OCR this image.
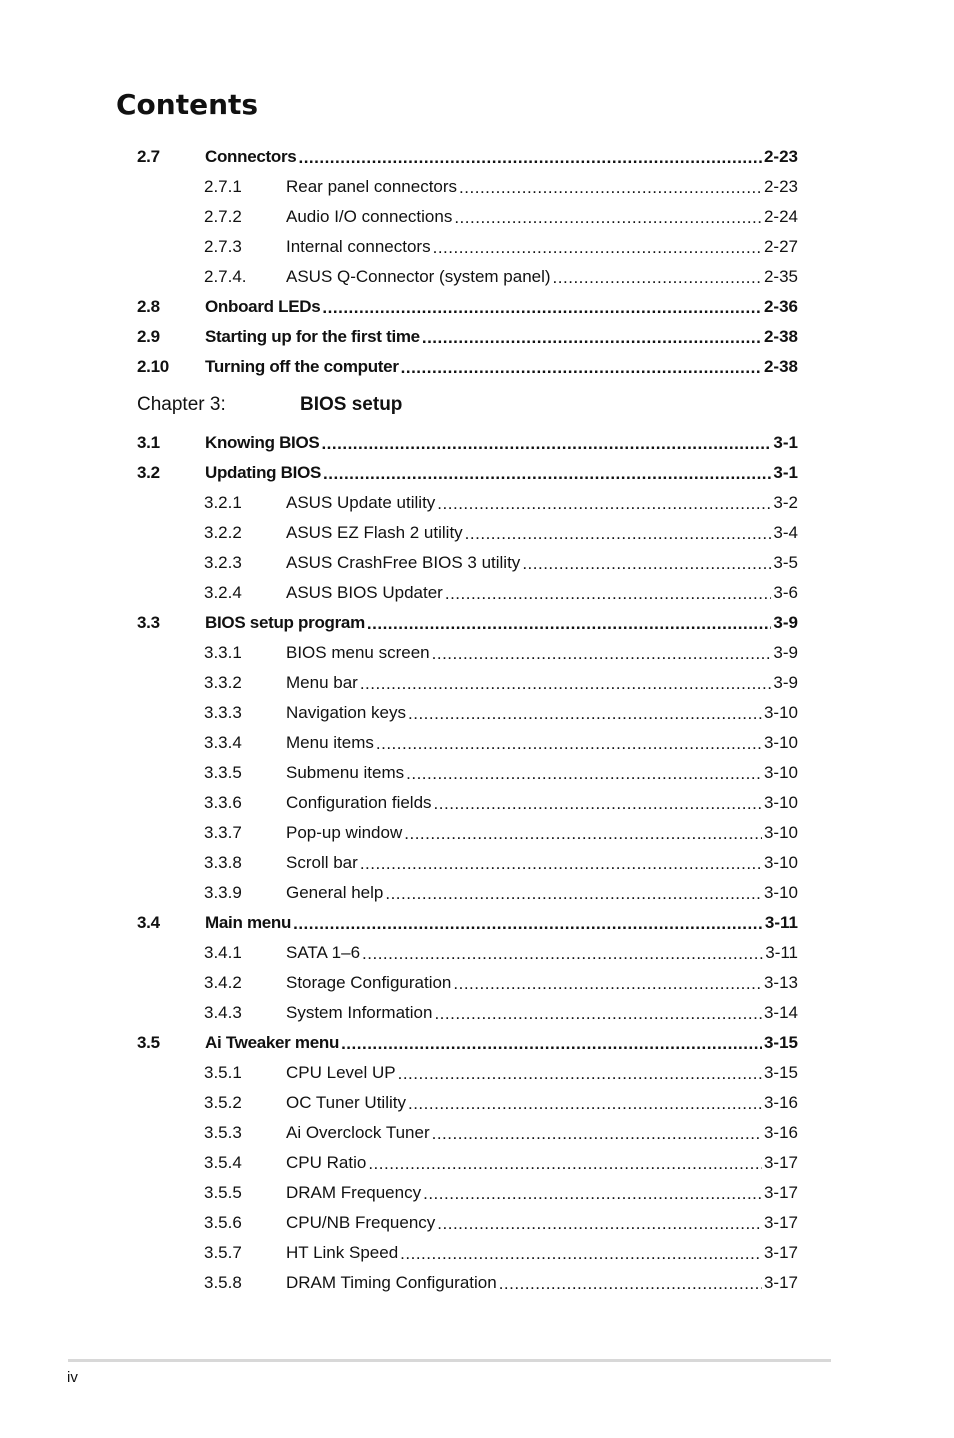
Contents
2.7	Connectors .....	2-23
2.7.1	Rear panel connectors .....	2-23
2.7.2	Audio I/O connections .....	2-24
2.7.3	Internal connectors .....	2-27
2.7.4.	ASUS Q-Connector (system panel) .....	2-35
2.8	Onboard LEDs .....	2-36
2.9	Starting up for the first time .....	2-38
2.10	Turning off the computer .....	2-38
Chapter 3:	BIOS setup
3.1	Knowing BIOS .....	3-1
3.2	Updating BIOS .....	3-1
3.2.1	ASUS Update utility .....	3-2
3.2.2	ASUS EZ Flash 2 utility .....	3-4
3.2.3	ASUS CrashFree BIOS 3 utility .....	3-5
3.2.4	ASUS BIOS Updater .....	3-6
3.3	BIOS setup program .....	3-9
3.3.1	BIOS menu screen .....	3-9
3.3.2	Menu bar .....	3-9
3.3.3	Navigation keys .....	3-10
3.3.4	Menu items .....	3-10
3.3.5	Submenu items .....	3-10
3.3.6	Configuration fields .....	3-10
3.3.7	Pop-up window .....	3-10
3.3.8	Scroll bar .....	3-10
3.3.9	General help .....	3-10
3.4	Main menu .....	3-11
3.4.1	SATA 1–6 .....	3-11
3.4.2	Storage Configuration .....	3-13
3.4.3	System Information .....	3-14
3.5	Ai Tweaker menu .....	3-15
3.5.1	CPU Level UP .....	3-15
3.5.2	OC Tuner Utility .....	3-16
3.5.3	Ai Overclock Tuner .....	3-16
3.5.4	CPU Ratio .....	3-17
3.5.5	DRAM Frequency .....	3-17
3.5.6	CPU/NB Frequency .....	3-17
3.5.7	HT Link Speed .....	3-17
3.5.8	DRAM Timing Configuration .....	3-17
iv
